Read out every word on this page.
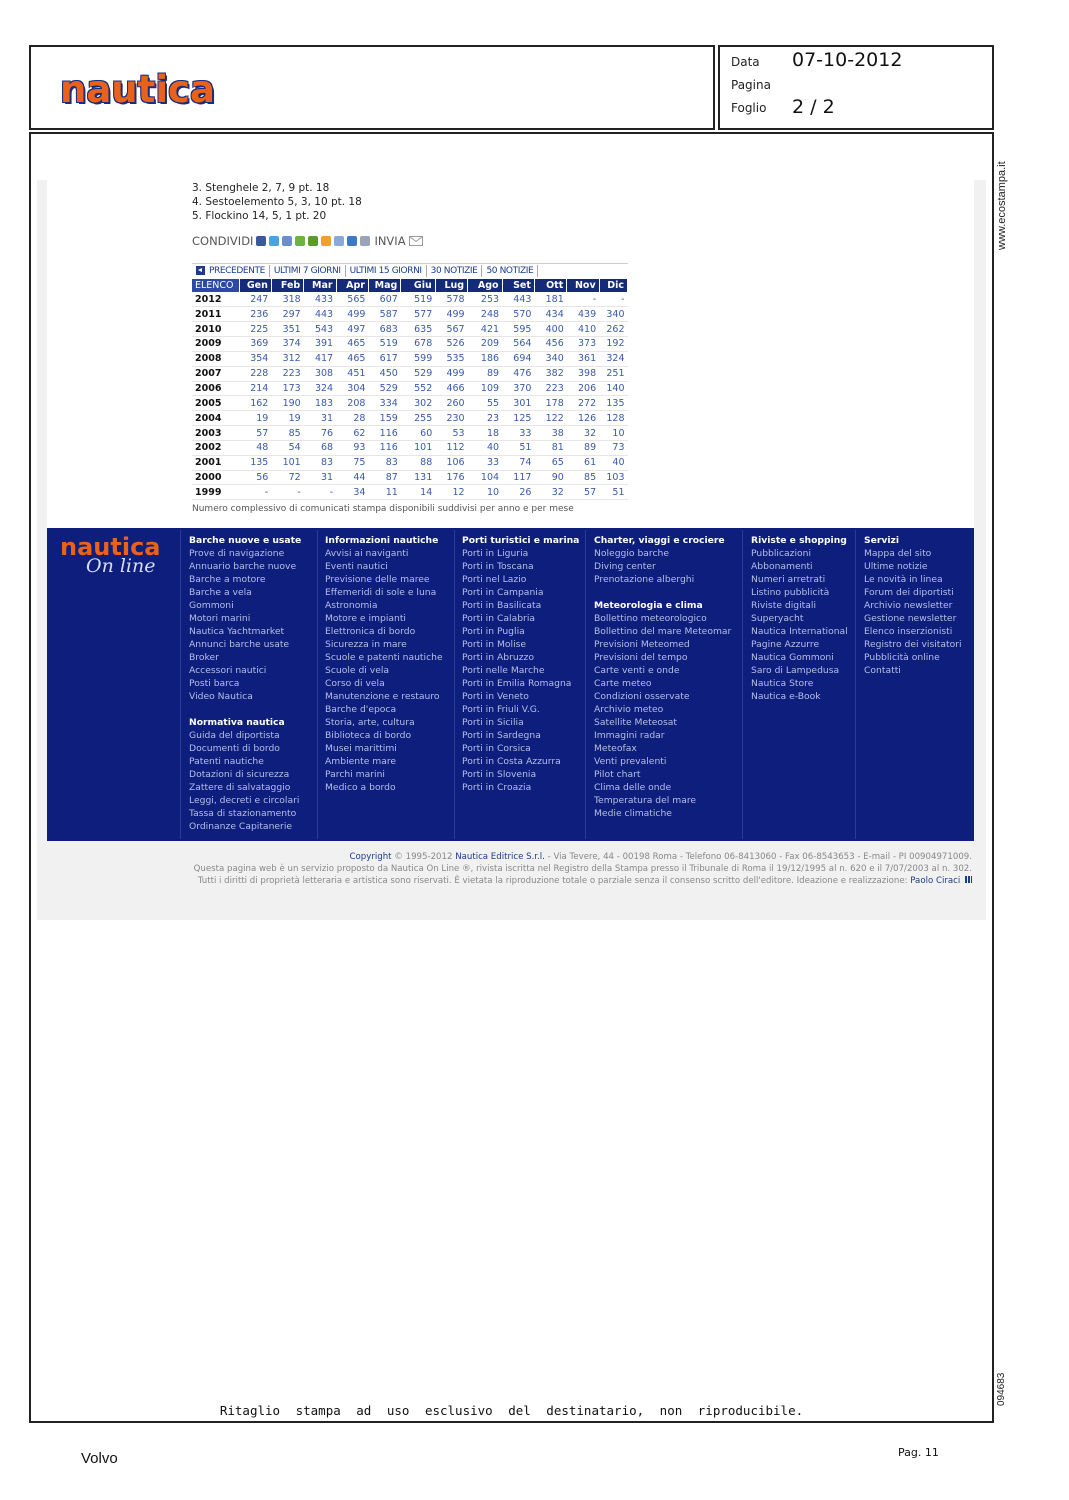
nautica
Data 07-10-2012
Pagina
Foglio 2 / 2
www.ecostampa.it
094683
3. Stenghele 2, 7, 9 pt. 18
4. Sestoelemento 5, 3, 10 pt. 18
5. Flockino 14, 5, 1 pt. 20
CONDIVIDI	INVIA
PRECEDENTE	ULTIMI 7 GIORNI	ULTIMI 15 GIORNI	30 NOTIZIE	50 NOTIZIE
ELENCO	Gen	Feb	Mar	Apr	Mag	Giu	Lug	Ago	Set	Ott	Nov	Dic
2012	247	318	433	565	607	519	578	253	443	181	-	-
2011	236	297	443	499	587	577	499	248	570	434	439	340
2010	225	351	543	497	683	635	567	421	595	400	410	262
2009	369	374	391	465	519	678	526	209	564	456	373	192
2008	354	312	417	465	617	599	535	186	694	340	361	324
2007	228	223	308	451	450	529	499	89	476	382	398	251
2006	214	173	324	304	529	552	466	109	370	223	206	140
2005	162	190	183	208	334	302	260	55	301	178	272	135
2004	19	19	31	28	159	255	230	23	125	122	126	128
2003	57	85	76	62	116	60	53	18	33	38	32	10
2002	48	54	68	93	116	101	112	40	51	81	89	73
2001	135	101	83	75	83	88	106	33	74	65	61	40
2000	56	72	31	44	87	131	176	104	117	90	85	103
1999	-	-	-	34	11	14	12	10	26	32	57	51
Numero complessivo di comunicati stampa disponibili suddivisi per anno e per mese
nautica
On line
Barche nuove e usate
Prove di navigazione
Annuario barche nuove
Barche a motore
Barche a vela
Gommoni
Motori marini
Nautica Yachtmarket
Annunci barche usate
Broker
Accessori nautici
Posti barca
Video Nautica
Normativa nautica
Guida del diportista
Documenti di bordo
Patenti nautiche
Dotazioni di sicurezza
Zattere di salvataggio
Leggi, decreti e circolari
Tassa di stazionamento
Ordinanze Capitanerie
Informazioni nautiche
Avvisi ai naviganti
Eventi nautici
Previsione delle maree
Effemeridi di sole e luna
Astronomia
Motore e impianti
Elettronica di bordo
Sicurezza in mare
Scuole e patenti nautiche
Scuole di vela
Corso di vela
Manutenzione e restauro
Barche d'epoca
Storia, arte, cultura
Biblioteca di bordo
Musei marittimi
Ambiente mare
Parchi marini
Medico a bordo
Porti turistici e marina
Porti in Liguria
Porti in Toscana
Porti nel Lazio
Porti in Campania
Porti in Basilicata
Porti in Calabria
Porti in Puglia
Porti in Molise
Porti in Abruzzo
Porti nelle Marche
Porti in Emilia Romagna
Porti in Veneto
Porti in Friuli V.G.
Porti in Sicilia
Porti in Sardegna
Porti in Corsica
Porti in Costa Azzurra
Porti in Slovenia
Porti in Croazia
Charter, viaggi e crociere
Noleggio barche
Diving center
Prenotazione alberghi
Meteorologia e clima
Bollettino meteorologico
Bollettino del mare Meteomar
Previsioni Meteomed
Previsioni del tempo
Carte venti e onde
Carte meteo
Condizioni osservate
Archivio meteo
Satellite Meteosat
Immagini radar
Meteofax
Venti prevalenti
Pilot chart
Clima delle onde
Temperatura del mare
Medie climatiche
Riviste e shopping
Pubblicazioni
Abbonamenti
Numeri arretrati
Listino pubblicità
Riviste digitali
Superyacht
Nautica International
Pagine Azzurre
Nautica Gommoni
Saro di Lampedusa
Nautica Store
Nautica e-Book
Servizi
Mappa del sito
Ultime notizie
Le novità in linea
Forum dei diportisti
Archivio newsletter
Gestione newsletter
Elenco inserzionisti
Registro dei visitatori
Pubblicità online
Contatti
Copyright © 1995-2012 Nautica Editrice S.r.l. - Via Tevere, 44 - 00198 Roma - Telefono 06-8413060 - Fax 06-8543653 - E-mail - PI 00904971009.
Questa pagina web è un servizio proposto da Nautica On Line ®, rivista iscritta nel Registro della Stampa presso il Tribunale di Roma il 19/12/1995 al n. 620 e il 7/07/2003 al n. 302.
Tutti i diritti di proprietà letteraria e artistica sono riservati. È vietata la riproduzione totale o parziale senza il consenso scritto dell'editore. Ideazione e realizzazione: Paolo Ciraci
Ritaglio stampa ad uso esclusivo del destinatario, non riproducibile.
Volvo	Pag. 11
